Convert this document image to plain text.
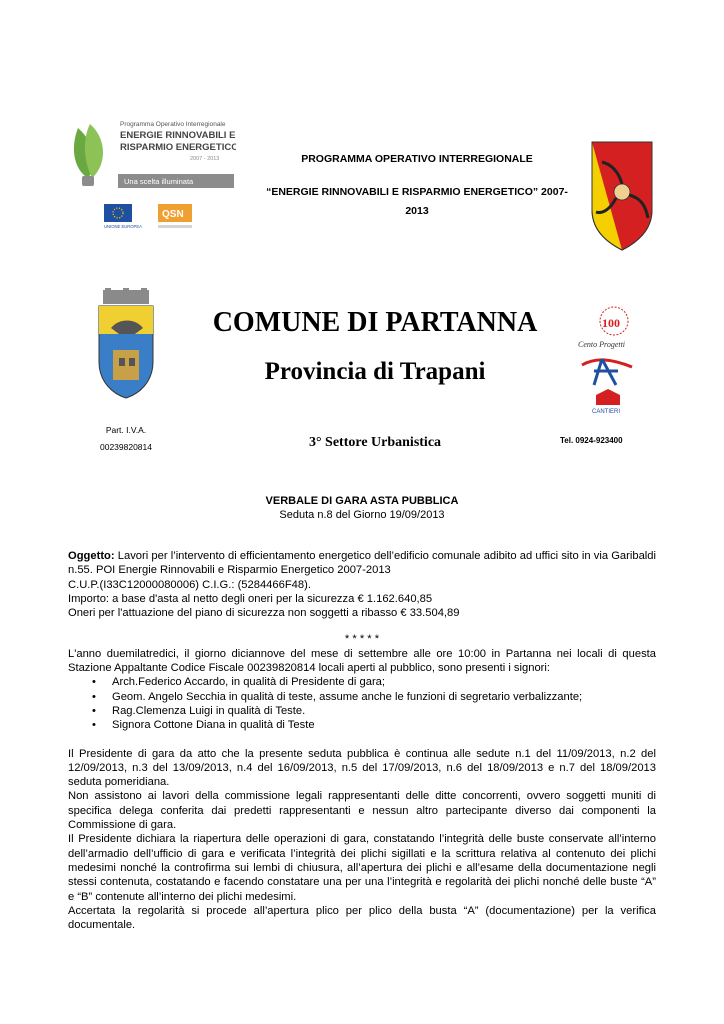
Programma Operativo Interregionale
ENERGIE RINNOVABILI E
RISPARMIO ENERGETICO
2007 - 2013
Una scelta illuminata
UNIONE EUROPEA
QSN
PROGRAMMA OPERATIVO INTERREGIONALE
“ENERGIE RINNOVABILI E RISPARMIO ENERGETICO” 2007-
2013
COMUNE DI PARTANNA
Provincia di Trapani
100
Cento Progetti
CANTIERI
Part. I.V.A.
00239820814	3° Settore Urbanistica	Tel. 0924-923400
VERBALE DI GARA ASTA PUBBLICA
Seduta n.8 del Giorno 19/09/2013

Oggetto: Lavori per l’intervento di efficientamento energetico dell’edificio comunale adibito ad uffici sito in via Garibaldi n.55. POI Energie Rinnovabili e Risparmio Energetico 2007-2013

C.U.P.(I33C12000080006) C.I.G.: (5284466F48).

Importo: a base d'asta al netto degli oneri per la sicurezza € 1.162.640,85

Oneri per l'attuazione del piano di sicurezza non soggetti a ribasso € 33.504,89

* * * * *

L'anno duemilatredici, il giorno diciannove del mese di settembre alle ore 10:00 in Partanna nei locali di questa Stazione Appaltante Codice Fiscale 00239820814 locali aperti al pubblico, sono presenti i signori:

• Arch.Federico Accardo, in qualità di Presidente di gara;
• Geom. Angelo Secchia in qualità di teste, assume anche le funzioni di segretario verbalizzante;
• Rag.Clemenza Luigi in qualità di Teste.
• Signora Cottone Diana in qualità di Teste

Il Presidente di gara da atto che la presente seduta pubblica è continua alle sedute n.1 del 11/09/2013, n.2 del 12/09/2013, n.3 del 13/09/2013, n.4 del 16/09/2013, n.5 del 17/09/2013, n.6 del 18/09/2013 e n.7 del 18/09/2013 seduta pomeridiana.

Non assistono ai lavori della commissione legali rappresentanti delle ditte concorrenti, ovvero soggetti muniti di specifica delega conferita dai predetti rappresentanti e nessun altro partecipante diverso dai componenti la Commissione di gara.

Il Presidente dichiara la riapertura delle operazioni di gara, constatando l’integrità delle buste conservate all’interno dell’armadio dell’ufficio di gara e verificata l’integrità dei plichi sigillati e la scrittura relativa al contenuto dei plichi medesimi nonché la controfirma sui lembi di chiusura, all’apertura dei plichi e all’esame della documentazione negli stessi contenuta, costatando e facendo constatare una per una l’integrità e regolarità dei plichi nonché delle buste “A” e “B” contenute all’interno dei plichi medesimi.

Accertata la regolarità si procede all’apertura plico per plico della busta “A” (documentazione) per la verifica documentale.
